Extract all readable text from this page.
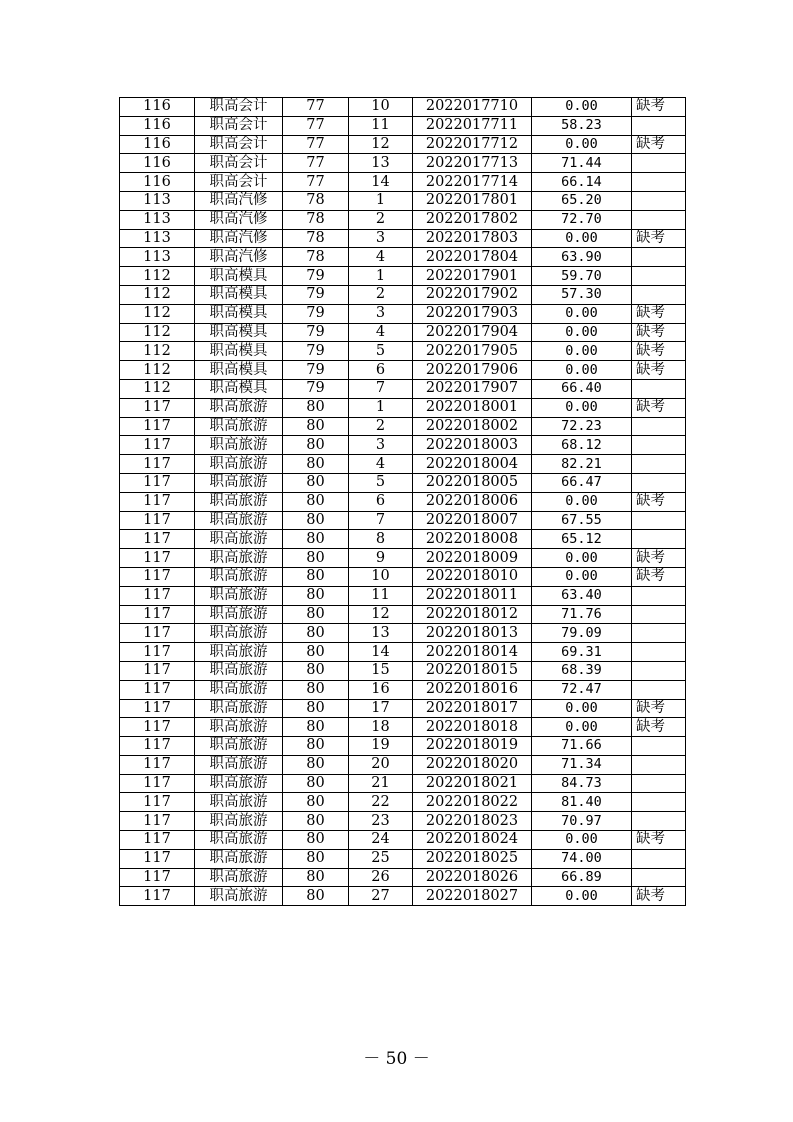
116	职高会计	77	10	2022017710	0.00	缺考
116	职高会计	77	11	2022017711	58.23	
116	职高会计	77	12	2022017712	0.00	缺考
116	职高会计	77	13	2022017713	71.44	
116	职高会计	77	14	2022017714	66.14	
113	职高汽修	78	1	2022017801	65.20	
113	职高汽修	78	2	2022017802	72.70	
113	职高汽修	78	3	2022017803	0.00	缺考
113	职高汽修	78	4	2022017804	63.90	
112	职高模具	79	1	2022017901	59.70	
112	职高模具	79	2	2022017902	57.30	
112	职高模具	79	3	2022017903	0.00	缺考
112	职高模具	79	4	2022017904	0.00	缺考
112	职高模具	79	5	2022017905	0.00	缺考
112	职高模具	79	6	2022017906	0.00	缺考
112	职高模具	79	7	2022017907	66.40	
117	职高旅游	80	1	2022018001	0.00	缺考
117	职高旅游	80	2	2022018002	72.23	
117	职高旅游	80	3	2022018003	68.12	
117	职高旅游	80	4	2022018004	82.21	
117	职高旅游	80	5	2022018005	66.47	
117	职高旅游	80	6	2022018006	0.00	缺考
117	职高旅游	80	7	2022018007	67.55	
117	职高旅游	80	8	2022018008	65.12	
117	职高旅游	80	9	2022018009	0.00	缺考
117	职高旅游	80	10	2022018010	0.00	缺考
117	职高旅游	80	11	2022018011	63.40	
117	职高旅游	80	12	2022018012	71.76	
117	职高旅游	80	13	2022018013	79.09	
117	职高旅游	80	14	2022018014	69.31	
117	职高旅游	80	15	2022018015	68.39	
117	职高旅游	80	16	2022018016	72.47	
117	职高旅游	80	17	2022018017	0.00	缺考
117	职高旅游	80	18	2022018018	0.00	缺考
117	职高旅游	80	19	2022018019	71.66	
117	职高旅游	80	20	2022018020	71.34	
117	职高旅游	80	21	2022018021	84.73	
117	职高旅游	80	22	2022018022	81.40	
117	职高旅游	80	23	2022018023	70.97	
117	职高旅游	80	24	2022018024	0.00	缺考
117	职高旅游	80	25	2022018025	74.00	
117	职高旅游	80	26	2022018026	66.89	
117	职高旅游	80	27	2022018027	0.00	缺考
－ 50 －
